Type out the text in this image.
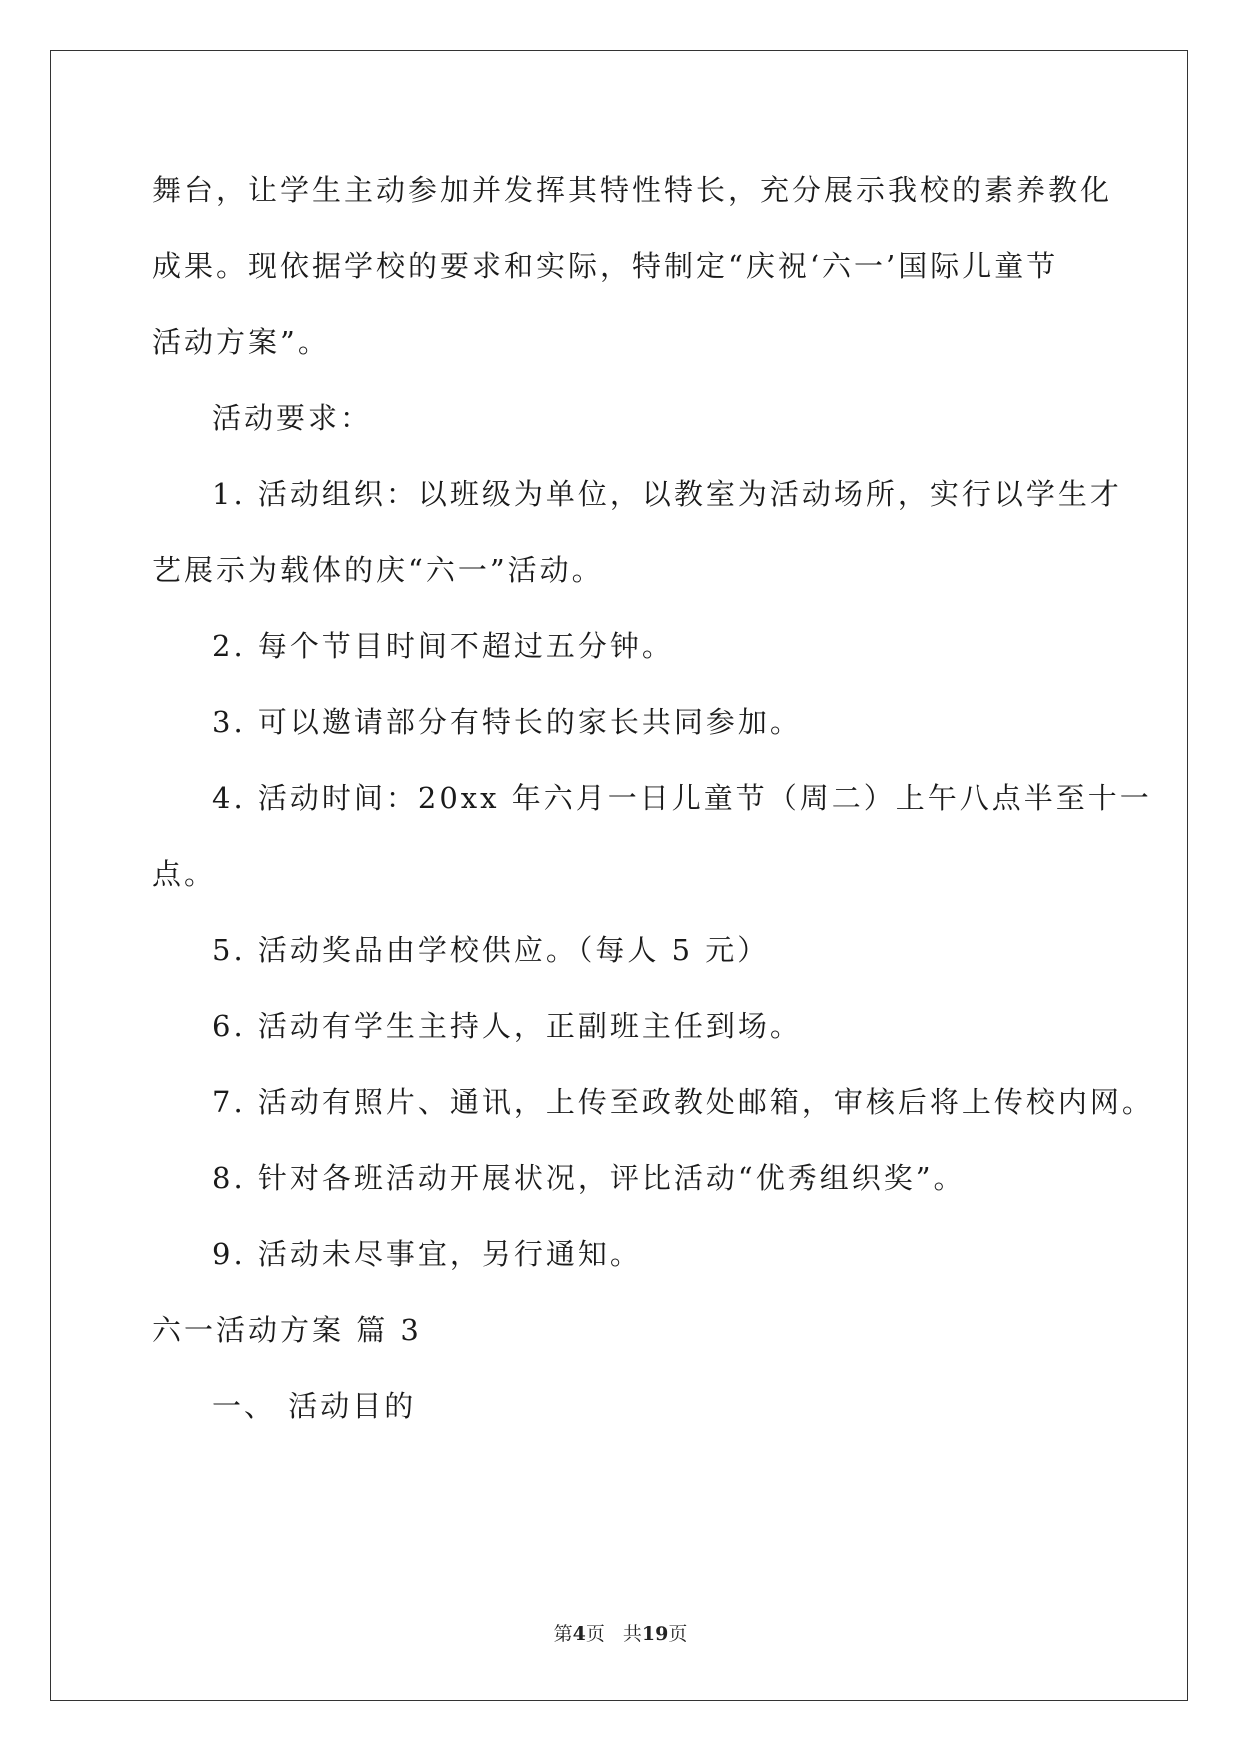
舞台，让学生主动参加并发挥其特性特长，充分展示我校的素养教化
成果。现依据学校的要求和实际，特制定“庆祝‘六一’国际儿童节
活动方案”。
活动要求：
1. 活动组织：以班级为单位，以教室为活动场所，实行以学生才
艺展示为载体的庆“六一”活动。
2. 每个节目时间不超过五分钟。
3. 可以邀请部分有特长的家长共同参加。
4. 活动时间：20xx 年六月一日儿童节（周二）上午八点半至十一
点。
5. 活动奖品由学校供应。（每人 5 元）
6. 活动有学生主持人，正副班主任到场。
7. 活动有照片、通讯，上传至政教处邮箱，审核后将上传校内网。
8. 针对各班活动开展状况，评比活动“优秀组织奖”。
9. 活动未尽事宜，另行通知。
六一活动方案 篇 3
一、 活动目的
第4页 共19页
